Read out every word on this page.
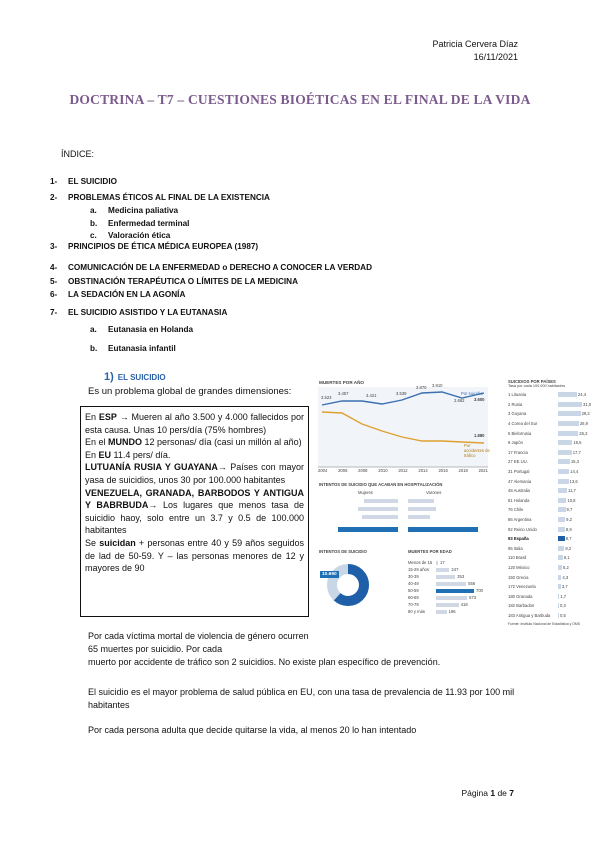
Patricia Cervera Díaz
16/11/2021
DOCTRINA – T7 – CUESTIONES BIOÉTICAS EN EL FINAL DE LA VIDA
ÍNDICE:
1- EL SUICIDIO
2- PROBLEMAS ÉTICOS AL FINAL DE LA EXISTENCIA
a. Medicina paliativa
b. Enfermedad terminal
c. Valoración ética
3- PRINCIPIOS DE ÉTICA MÉDICA EUROPEA (1987)
4- COMUNICACIÓN DE LA ENFERMEDAD o DERECHO A CONOCER LA VERDAD
5- OBSTINACIÓN TERAPÉUTICA O LÍMITES DE LA MEDICINA
6- LA SEDACIÓN EN LA AGONÍA
7- EL SUICIDIO ASISTIDO Y LA EUTANASIA
a. Eutanasia en Holanda
b. Eutanasia infantil
1) EL SUICIDIO
Es un problema global de grandes dimensiones:

En ESP → Mueren al año 3.500 y 4.000 fallecidos por esta causa. Unas 10 pers/día (75% hombres)

En el MUNDO 12 personas/ día (casi un millón al año)

En EU 11.4 pers/ día.

LUTUANÍA RUSIA Y GUAYANA→ Países con mayor yasa de suicidios, unos 30 por 100.000 habitantes

VENEZUELA, GRANADA, BARBODOS Y ANTIGUA Y BABRBUDA→ Los lugares que menos tasa de suicidio haoy, solo entre un 3.7 y 0.5 de 100.000 habitantes

Se suicidan + personas entre 40 y 59 años seguidos de lad de 50-59. Y – las personas menores de 12 y mayores de 90

MUERTES POR AÑO
3.523
3.457	3.421	3.539
3.870 3.910
2.662 3.600
1.880
Por suicidio
Por accidentes de tráfico
2004	2006	2008	2010	2012	2014	2016	2018	2021
INTENTOS DE SUICIDIO QUE ACABAN EN HOSPITALIZACIÓN
Mujeres	Varones
INTENTOS DE SUICIDIO
10.690
MUERTES POR EDAD
Menos de 15	17
15-29 años	247
30-39	353
40-49	556
50-59	700
60-69	573
70-79	418
80 y más	196
SUICIDIOS POR PAÍSES
Tasa por cada 100.000 habitantes
1 Lituania	24,4
2 Rusia	31,0
3 Guyana	29,2
4 Corea del Sur	26,9
5 Bielorrusia	26,2
9 Japón	18,5
17 Francia	17,7
27 EE.UU.	15,3
31 Portugal	14,4
47 Alemania	13,6
48 Australia	11,7
61 Holanda	10,8
76 Chile	9,7
86 Argentina	9,2
92 Reino Unido	8,9
93 España	8,7
95 Italia	8,2
110 Brasil	6,1
120 México	5,2
150 Grecia	4,3
172 Venezuela	3,7
180 Granada	1,7
182 Barbados	0,3
183 Antigua y Barbuda	0,5
Fuente: Instituto Nacional de Estadística y OMS
Por cada víctima mortal de violencia de género ocurren 65 muertes por suicidio. Por cada
muerto por accidente de tráfico son 2 suicidios. No existe plan específico de prevención.
El suicidio es el mayor problema de salud pública en EU, con una tasa de prevalencia de 11.93 por 100 mil habitantes
Por cada persona adulta que decide quitarse la vida, al menos 20 lo han intentado
Página 1 de 7
